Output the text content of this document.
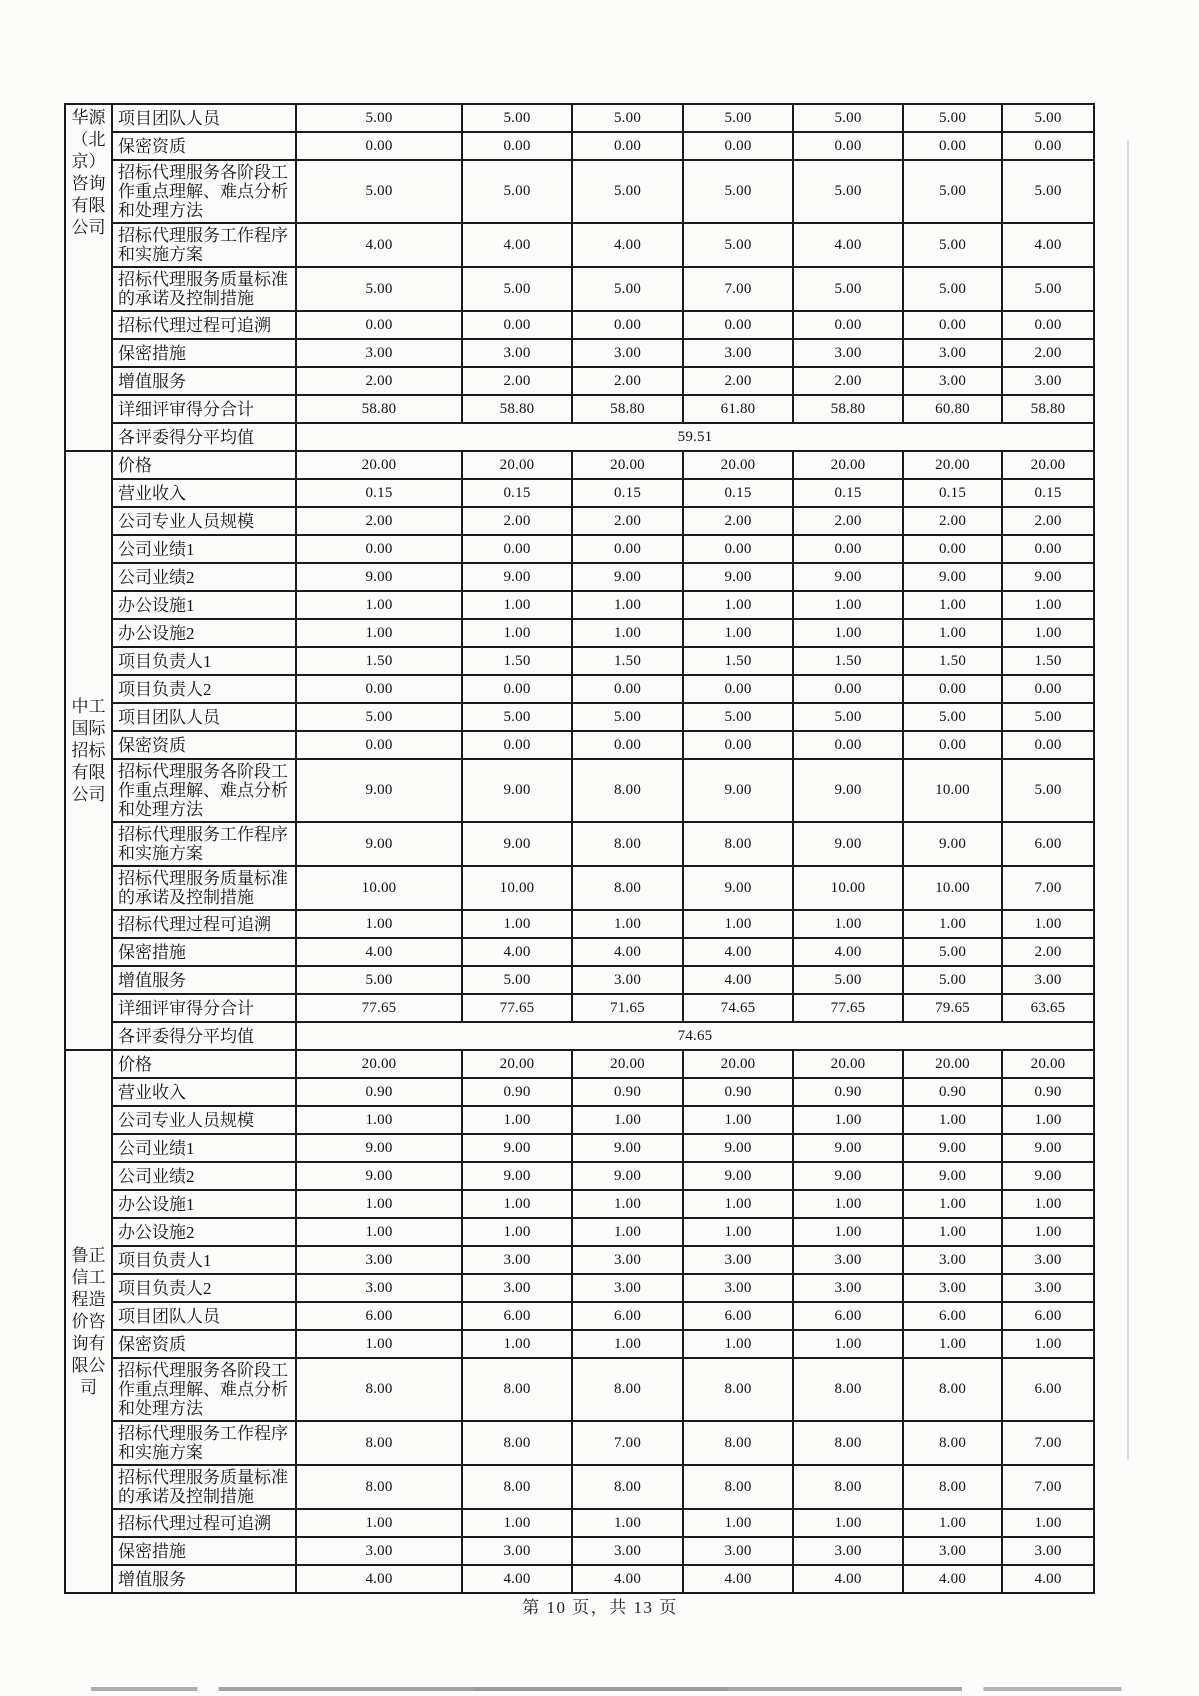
华源
（北
京）
咨询
有限
公司	项目团队人员	5.00	5.00	5.00	5.00	5.00	5.00	5.00
	保密资质	0.00	0.00	0.00	0.00	0.00	0.00	0.00
	招标代理服务各阶段工作重点理解、难点分析和处理方法	5.00	5.00	5.00	5.00	5.00	5.00	5.00
	招标代理服务工作程序和实施方案	4.00	4.00	4.00	5.00	4.00	5.00	4.00
	招标代理服务质量标准的承诺及控制措施	5.00	5.00	5.00	7.00	5.00	5.00	5.00
	招标代理过程可追溯	0.00	0.00	0.00	0.00	0.00	0.00	0.00
	保密措施	3.00	3.00	3.00	3.00	3.00	3.00	2.00
	增值服务	2.00	2.00	2.00	2.00	2.00	3.00	3.00
	详细评审得分合计	58.80	58.80	58.80	61.80	58.80	60.80	58.80
	各评委得分平均值	59.51						
中工
国际
招标
有限
公司	价格	20.00	20.00	20.00	20.00	20.00	20.00	20.00
	营业收入	0.15	0.15	0.15	0.15	0.15	0.15	0.15
	公司专业人员规模	2.00	2.00	2.00	2.00	2.00	2.00	2.00
	公司业绩1	0.00	0.00	0.00	0.00	0.00	0.00	0.00
	公司业绩2	9.00	9.00	9.00	9.00	9.00	9.00	9.00
	办公设施1	1.00	1.00	1.00	1.00	1.00	1.00	1.00
	办公设施2	1.00	1.00	1.00	1.00	1.00	1.00	1.00
	项目负责人1	1.50	1.50	1.50	1.50	1.50	1.50	1.50
	项目负责人2	0.00	0.00	0.00	0.00	0.00	0.00	0.00
	项目团队人员	5.00	5.00	5.00	5.00	5.00	5.00	5.00
	保密资质	0.00	0.00	0.00	0.00	0.00	0.00	0.00
	招标代理服务各阶段工作重点理解、难点分析和处理方法	9.00	9.00	8.00	9.00	9.00	10.00	5.00
	招标代理服务工作程序和实施方案	9.00	9.00	8.00	8.00	9.00	9.00	6.00
	招标代理服务质量标准的承诺及控制措施	10.00	10.00	8.00	9.00	10.00	10.00	7.00
	招标代理过程可追溯	1.00	1.00	1.00	1.00	1.00	1.00	1.00
	保密措施	4.00	4.00	4.00	4.00	4.00	5.00	2.00
	增值服务	5.00	5.00	3.00	4.00	5.00	5.00	3.00
	详细评审得分合计	77.65	77.65	71.65	74.65	77.65	79.65	63.65
	各评委得分平均值	74.65						
鲁正
信工
程造
价咨
询有
限公
司	价格	20.00	20.00	20.00	20.00	20.00	20.00	20.00
	营业收入	0.90	0.90	0.90	0.90	0.90	0.90	0.90
	公司专业人员规模	1.00	1.00	1.00	1.00	1.00	1.00	1.00
	公司业绩1	9.00	9.00	9.00	9.00	9.00	9.00	9.00
	公司业绩2	9.00	9.00	9.00	9.00	9.00	9.00	9.00
	办公设施1	1.00	1.00	1.00	1.00	1.00	1.00	1.00
	办公设施2	1.00	1.00	1.00	1.00	1.00	1.00	1.00
	项目负责人1	3.00	3.00	3.00	3.00	3.00	3.00	3.00
	项目负责人2	3.00	3.00	3.00	3.00	3.00	3.00	3.00
	项目团队人员	6.00	6.00	6.00	6.00	6.00	6.00	6.00
	保密资质	1.00	1.00	1.00	1.00	1.00	1.00	1.00
	招标代理服务各阶段工作重点理解、难点分析和处理方法	8.00	8.00	8.00	8.00	8.00	8.00	6.00
	招标代理服务工作程序和实施方案	8.00	8.00	7.00	8.00	8.00	8.00	7.00
	招标代理服务质量标准的承诺及控制措施	8.00	8.00	8.00	8.00	8.00	8.00	7.00
	招标代理过程可追溯	1.00	1.00	1.00	1.00	1.00	1.00	1.00
	保密措施	3.00	3.00	3.00	3.00	3.00	3.00	3.00
	增值服务	4.00	4.00	4.00	4.00	4.00	4.00	4.00
第 10 页，共 13 页
